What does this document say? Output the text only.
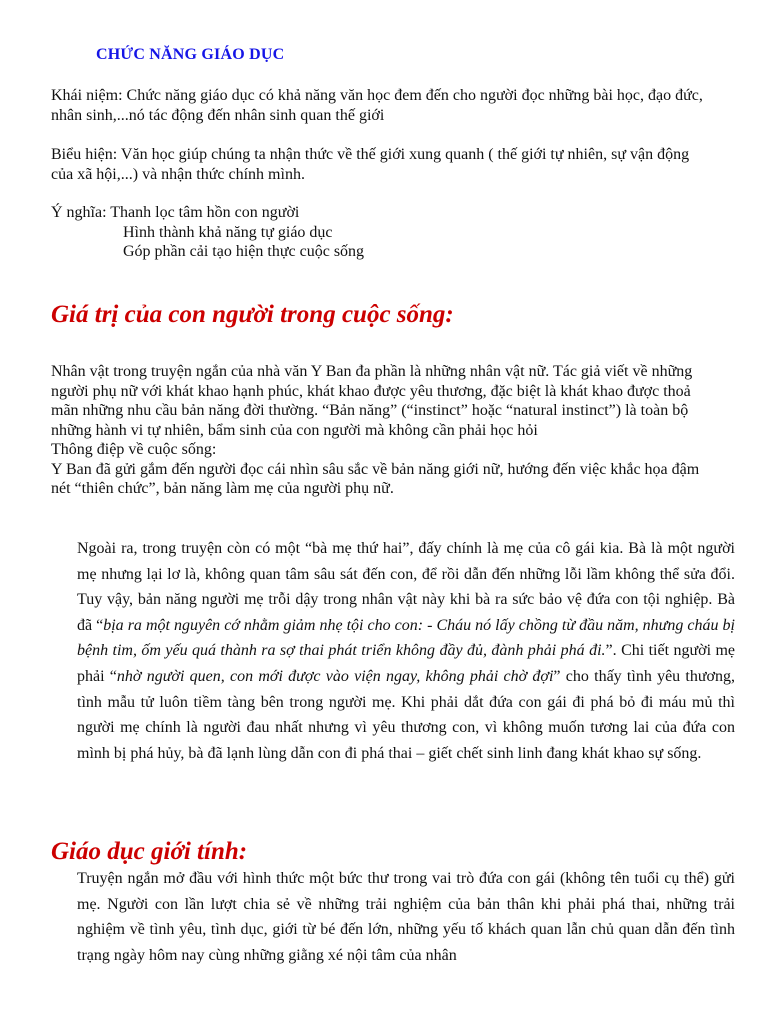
CHỨC NĂNG GIÁO DỤC

Khái niệm: Chức năng giáo dục có khả năng văn học đem đến cho người đọc những bài học, đạo đức, nhân sinh,...nó tác động đến nhân sinh quan thế giới

Biểu hiện: Văn học giúp chúng ta nhận thức về thế giới xung quanh ( thế giới tự nhiên, sự vận động của xã hội,...) và nhận thức chính mình.

Ý nghĩa: Thanh lọc tâm hồn con người
Hình thành khả năng tự giáo dục
Góp phần cải tạo hiện thực cuộc sống
Giá trị của con người trong cuộc sống:
Nhân vật trong truyện ngắn của nhà văn Y Ban đa phần là những nhân vật nữ. Tác giả viết về những người phụ nữ với khát khao hạnh phúc, khát khao được yêu thương, đặc biệt là khát khao được thoả mãn những nhu cầu bản năng đời thường. “Bản năng” (“instinct” hoặc “natural instinct”) là toàn bộ những hành vi tự nhiên, bẩm sinh của con người mà không cần phải học hỏi
Thông điệp về cuộc sống:
Y Ban đã gửi gắm đến người đọc cái nhìn sâu sắc về bản năng giới nữ, hướng đến việc khắc họa đậm nét “thiên chức”, bản năng làm mẹ của người phụ nữ.

Ngoài ra, trong truyện còn có một “bà mẹ thứ hai”, đấy chính là mẹ của cô gái kia. Bà là một người mẹ nhưng lại lơ là, không quan tâm sâu sát đến con, để rồi dẫn đến những lỗi lầm không thể sửa đổi. Tuy vậy, bản năng người mẹ trỗi dậy trong nhân vật này khi bà ra sức bảo vệ đứa con tội nghiệp. Bà đã “bịa ra một nguyên cớ nhằm giảm nhẹ tội cho con: - Cháu nó lấy chồng từ đầu năm, nhưng cháu bị bệnh tim, ốm yếu quá thành ra sợ thai phát triển không đầy đủ, đành phải phá đi.”. Chi tiết người mẹ phải “nhờ người quen, con mới được vào viện ngay, không phải chờ đợi” cho thấy tình yêu thương, tình mẫu tử luôn tiềm tàng bên trong người mẹ. Khi phải dắt đứa con gái đi phá bỏ đi máu mủ thì người mẹ chính là người đau nhất nhưng vì yêu thương con, vì không muốn tương lai của đứa con mình bị phá hủy, bà đã lạnh lùng dẫn con đi phá thai – giết chết sinh linh đang khát khao sự sống.

Giáo dục giới tính:

Truyện ngắn mở đầu với hình thức một bức thư trong vai trò đứa con gái (không tên tuổi cụ thể) gửi mẹ. Người con lần lượt chia sẻ về những trải nghiệm của bản thân khi phải phá thai, những trải nghiệm về tình yêu, tình dục, giới từ bé đến lớn, những yếu tố khách quan lẫn chủ quan dẫn đến tình trạng ngày hôm nay cùng những giằng xé nội tâm của nhân
